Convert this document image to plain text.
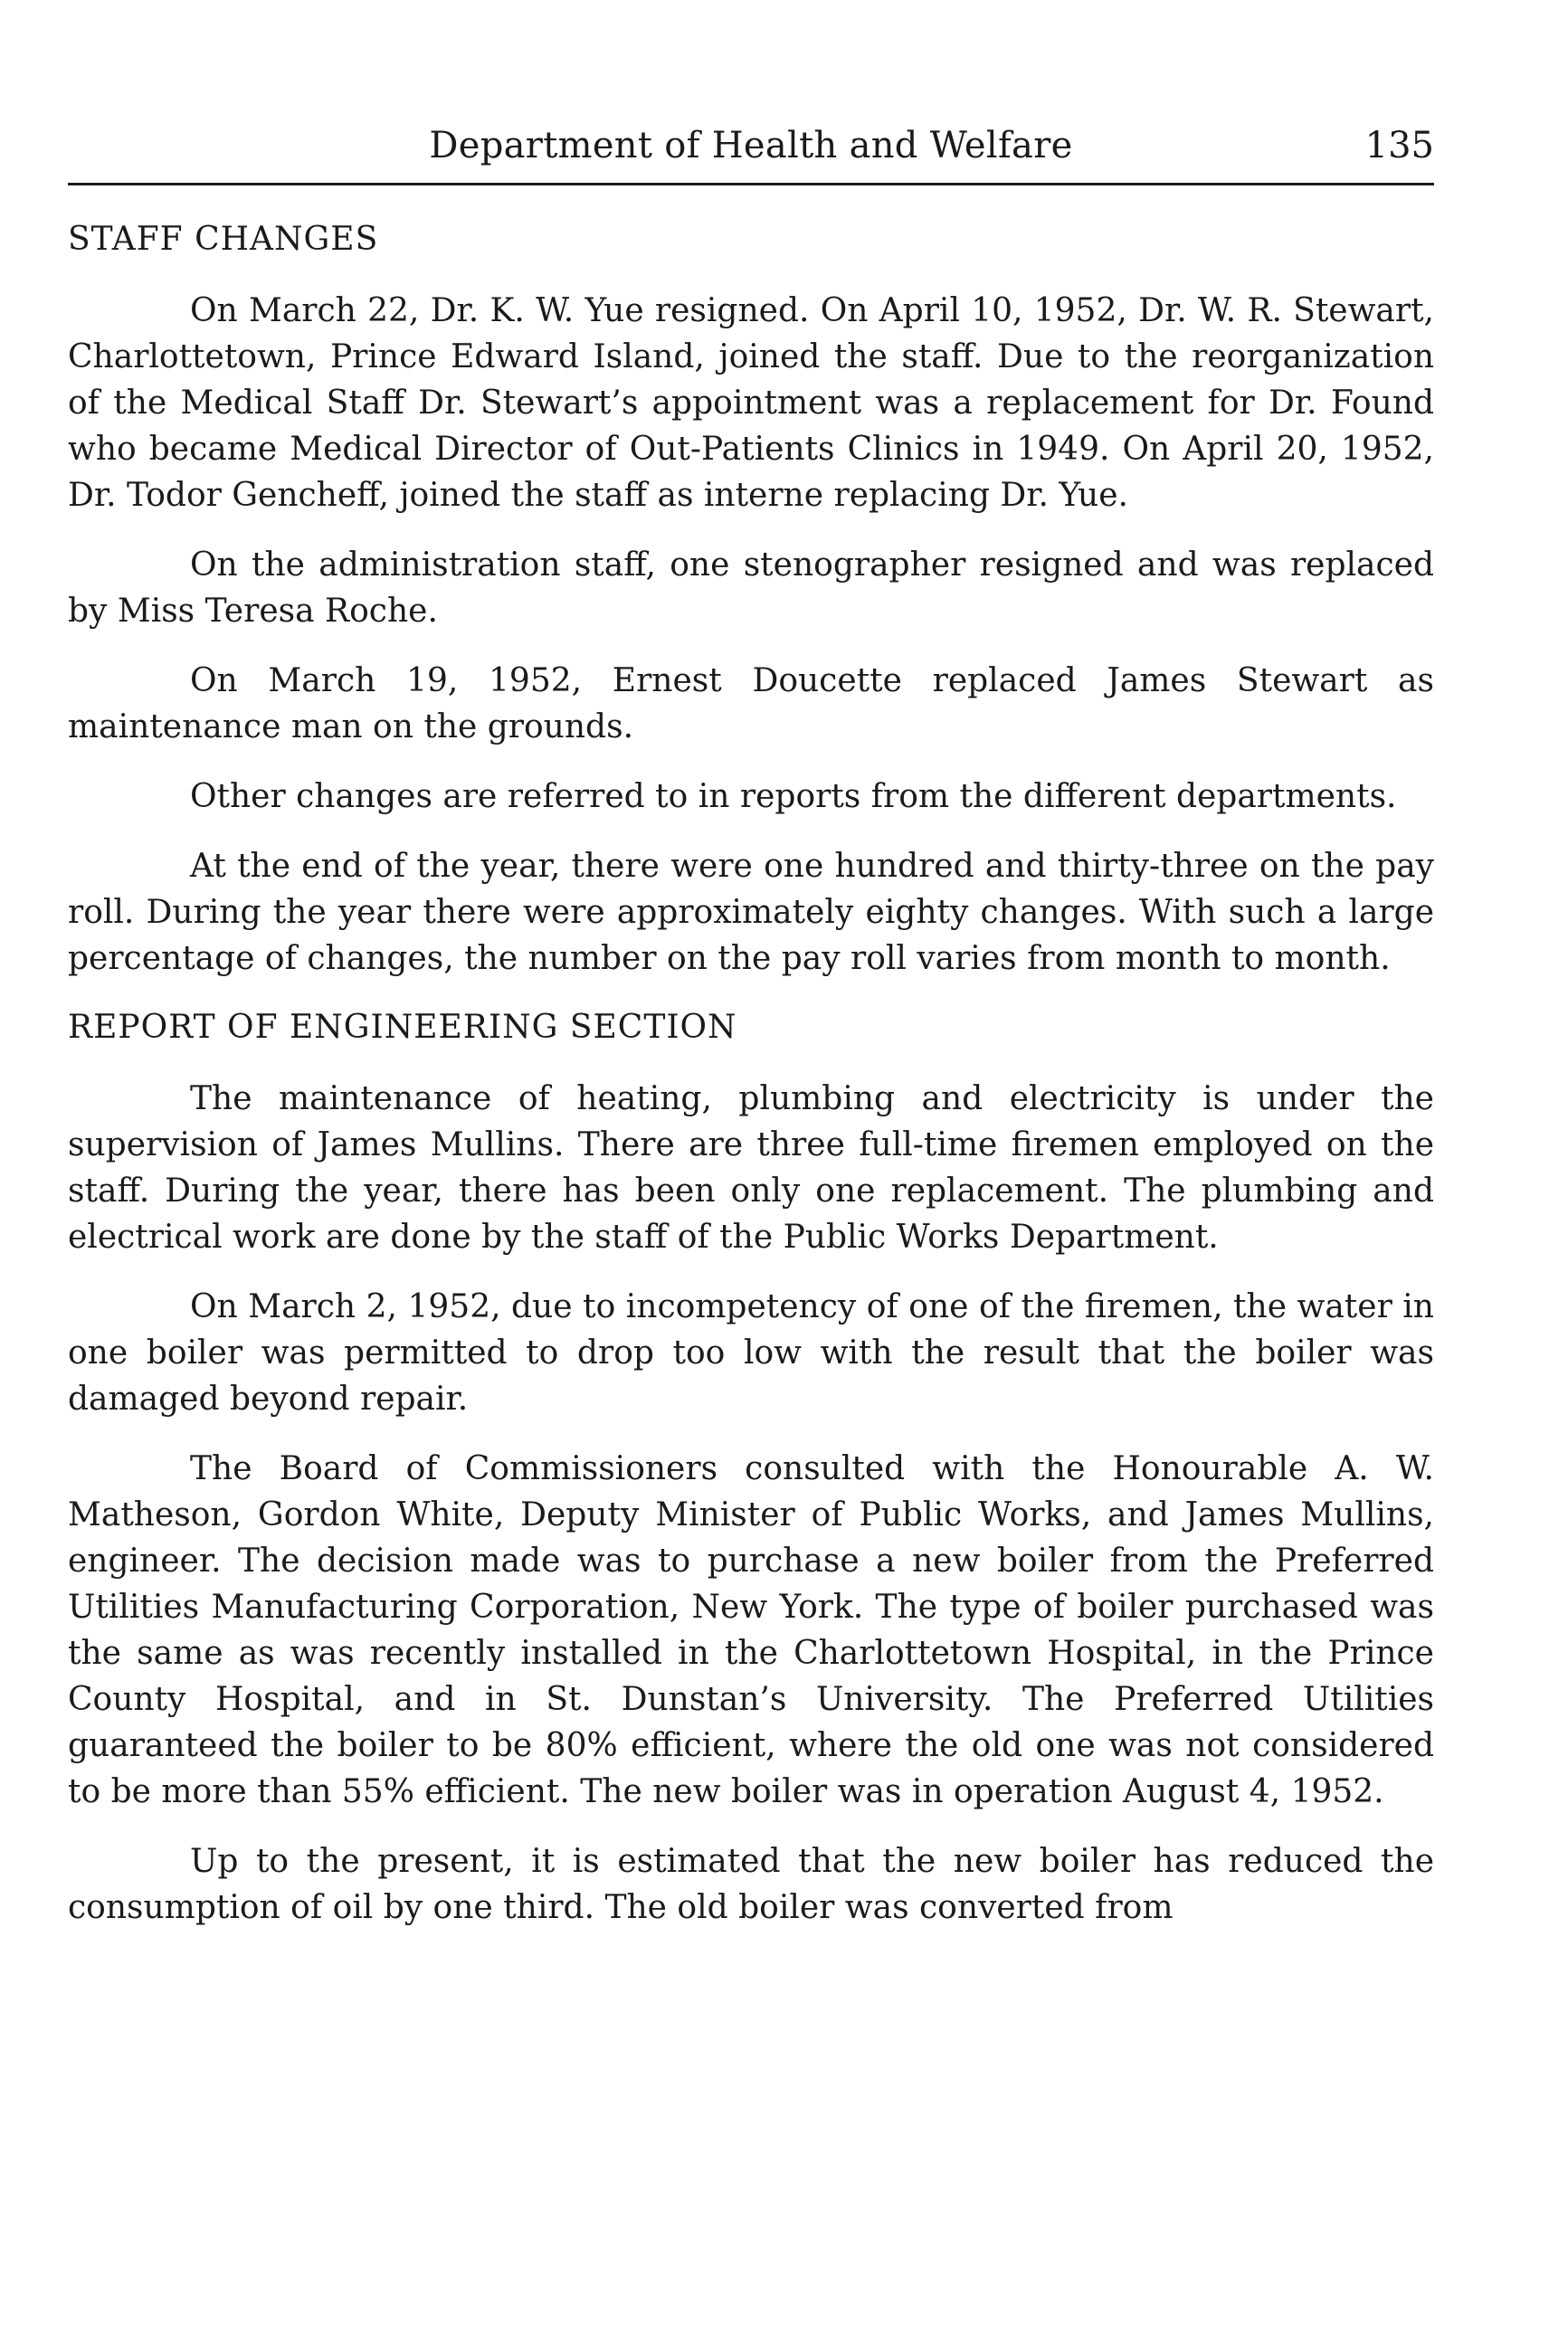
Department of Health and Welfare	135
STAFF CHANGES

On March 22, Dr. K. W. Yue resigned. On April 10, 1952, Dr. W. R. Stewart, Charlottetown, Prince Edward Island, joined the staff. Due to the reorganization of the Medical Staff Dr. Stewart’s appointment was a replacement for Dr. Found who became Medical Director of Out-Patients Clinics in 1949. On April 20, 1952, Dr. Todor Gencheff, joined the staff as interne replacing Dr. Yue.

On the administration staff, one stenographer resigned and was replaced by Miss Teresa Roche.

On March 19, 1952, Ernest Doucette replaced James Stewart as maintenance man on the grounds.

Other changes are referred to in reports from the different departments.

At the end of the year, there were one hundred and thirty-three on the pay roll. During the year there were approximately eighty changes. With such a large percentage of changes, the number on the pay roll varies from month to month.

REPORT OF ENGINEERING SECTION

The maintenance of heating, plumbing and electricity is under the supervision of James Mullins. There are three full-time firemen employed on the staff. During the year, there has been only one replacement. The plumbing and electrical work are done by the staff of the Public Works Department.

On March 2, 1952, due to incompetency of one of the firemen, the water in one boiler was permitted to drop too low with the result that the boiler was damaged beyond repair.

The Board of Commissioners consulted with the Honourable A. W. Matheson, Gordon White, Deputy Minister of Public Works, and James Mullins, engineer. The decision made was to purchase a new boiler from the Preferred Utilities Manufacturing Corporation, New York. The type of boiler purchased was the same as was recently installed in the Charlottetown Hospital, in the Prince County Hospital, and in St. Dunstan’s University. The Preferred Utilities guaranteed the boiler to be 80% efficient, where the old one was not considered to be more than 55% efficient. The new boiler was in operation August 4, 1952.

Up to the present, it is estimated that the new boiler has reduced the consumption of oil by one third. The old boiler was converted from
